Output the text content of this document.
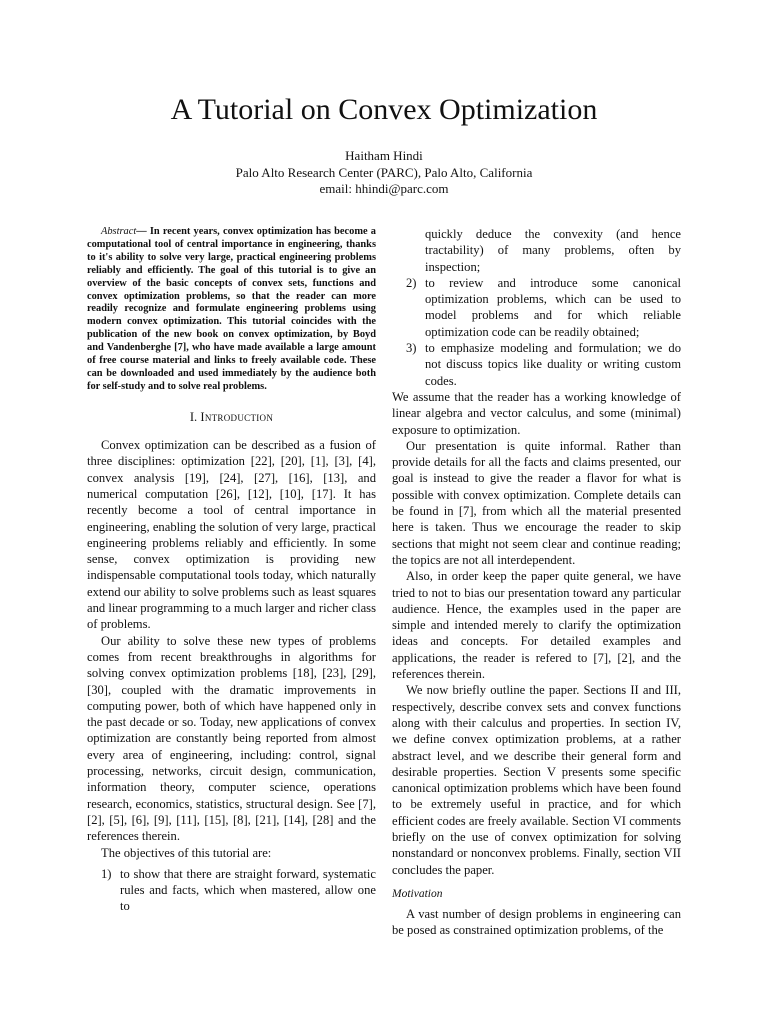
A Tutorial on Convex Optimization
Haitham Hindi
Palo Alto Research Center (PARC), Palo Alto, California
email: hhindi@parc.com
Abstract— In recent years, convex optimization has become a computational tool of central importance in engineering, thanks to it's ability to solve very large, practical engineering problems reliably and efficiently. The goal of this tutorial is to give an overview of the basic concepts of convex sets, functions and convex optimization problems, so that the reader can more readily recognize and formulate engineering problems using modern convex optimization. This tutorial coincides with the publication of the new book on convex optimization, by Boyd and Vandenberghe [7], who have made available a large amount of free course material and links to freely available code. These can be downloaded and used immediately by the audience both for self-study and to solve real problems.
I. Introduction

Convex optimization can be described as a fusion of three disciplines: optimization [22], [20], [1], [3], [4], convex analysis [19], [24], [27], [16], [13], and numerical computation [26], [12], [10], [17]. It has recently become a tool of central importance in engineering, enabling the solution of very large, practical engineering problems reliably and efficiently. In some sense, convex optimization is providing new indispensable computational tools today, which naturally extend our ability to solve problems such as least squares and linear programming to a much larger and richer class of problems.

Our ability to solve these new types of problems comes from recent breakthroughs in algorithms for solving convex optimization problems [18], [23], [29], [30], coupled with the dramatic improvements in computing power, both of which have happened only in the past decade or so. Today, new applications of convex optimization are constantly being reported from almost every area of engineering, including: control, signal processing, networks, circuit design, communication, information theory, computer science, operations research, economics, statistics, structural design. See [7], [2], [5], [6], [9], [11], [15], [8], [21], [14], [28] and the references therein.

The objectives of this tutorial are:

1) to show that there are straight forward, systematic rules and facts, which when mastered, allow one to
quickly deduce the convexity (and hence tractability) of many problems, often by inspection;
2) to review and introduce some canonical optimization problems, which can be used to model problems and for which reliable optimization code can be readily obtained;
3) to emphasize modeling and formulation; we do not discuss topics like duality or writing custom codes.

We assume that the reader has a working knowledge of linear algebra and vector calculus, and some (minimal) exposure to optimization.

Our presentation is quite informal. Rather than provide details for all the facts and claims presented, our goal is instead to give the reader a flavor for what is possible with convex optimization. Complete details can be found in [7], from which all the material presented here is taken. Thus we encourage the reader to skip sections that might not seem clear and continue reading; the topics are not all interdependent.

Also, in order keep the paper quite general, we have tried to not to bias our presentation toward any particular audience. Hence, the examples used in the paper are simple and intended merely to clarify the optimization ideas and concepts. For detailed examples and applications, the reader is refered to [7], [2], and the references therein.

We now briefly outline the paper. Sections II and III, respectively, describe convex sets and convex functions along with their calculus and properties. In section IV, we define convex optimization problems, at a rather abstract level, and we describe their general form and desirable properties. Section V presents some specific canonical optimization problems which have been found to be extremely useful in practice, and for which efficient codes are freely available. Section VI comments briefly on the use of convex optimization for solving nonstandard or nonconvex problems. Finally, section VII concludes the paper.

Motivation

A vast number of design problems in engineering can be posed as constrained optimization problems, of the
